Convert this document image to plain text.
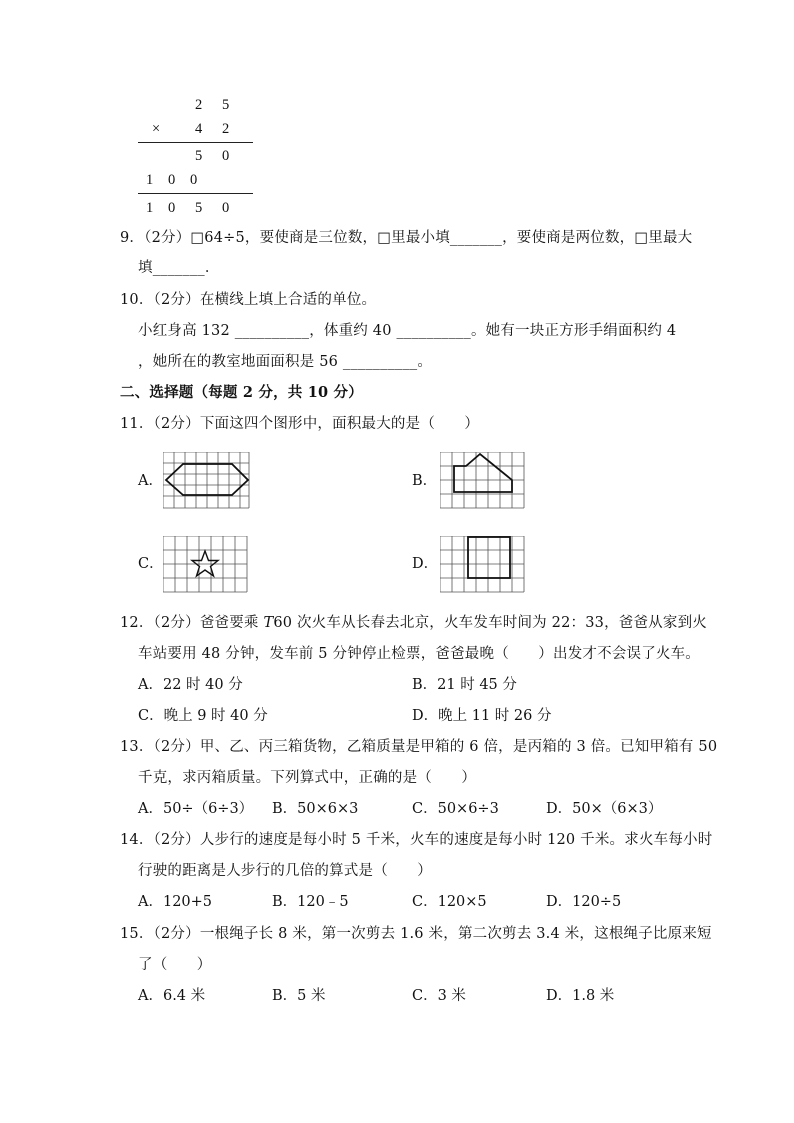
2 5
× 4 2
5 0
1 0 0
1 0 5 0
9．（2分）□64÷5，要使商是三位数，□里最小填_______，要使商是两位数，□里最大
填_______．
10．（2分）在横线上填上合适的单位。
小红身高 132 __________，体重约 40 __________。她有一块正方形手绢面积约 4
，她所在的教室地面面积是 56 __________。
二、选择题（每题 2 分，共 10 分）
11．（2分）下面这四个图形中，面积最大的是（　　）
A．	B．
C．	D．
12．（2分）爸爸要乘 T60 次火车从长春去北京，火车发车时间为 22：33，爸爸从家到火
车站要用 48 分钟，发车前 5 分钟停止检票，爸爸最晚（　　）出发才不会误了火车。
A．22 时 40 分	B．21 时 45 分
C．晚上 9 时 40 分	D．晚上 11 时 26 分
13．（2分）甲、乙、丙三箱货物，乙箱质量是甲箱的 6 倍，是丙箱的 3 倍。已知甲箱有 50
千克，求丙箱质量。下列算式中，正确的是（　　）
A．50÷（6÷3） B．50×6×3	C．50×6÷3	D．50×（6×3）
14．（2分）人步行的速度是每小时 5 千米，火车的速度是每小时 120 千米。求火车每小时
行驶的距离是人步行的几倍的算式是（　　）
A．120+5	B．120﹣5	C．120×5	D．120÷5
15．（2分）一根绳子长 8 米，第一次剪去 1.6 米，第二次剪去 3.4 米，这根绳子比原来短
了（　　）
A．6.4 米	B．5 米	C．3 米	D．1.8 米
